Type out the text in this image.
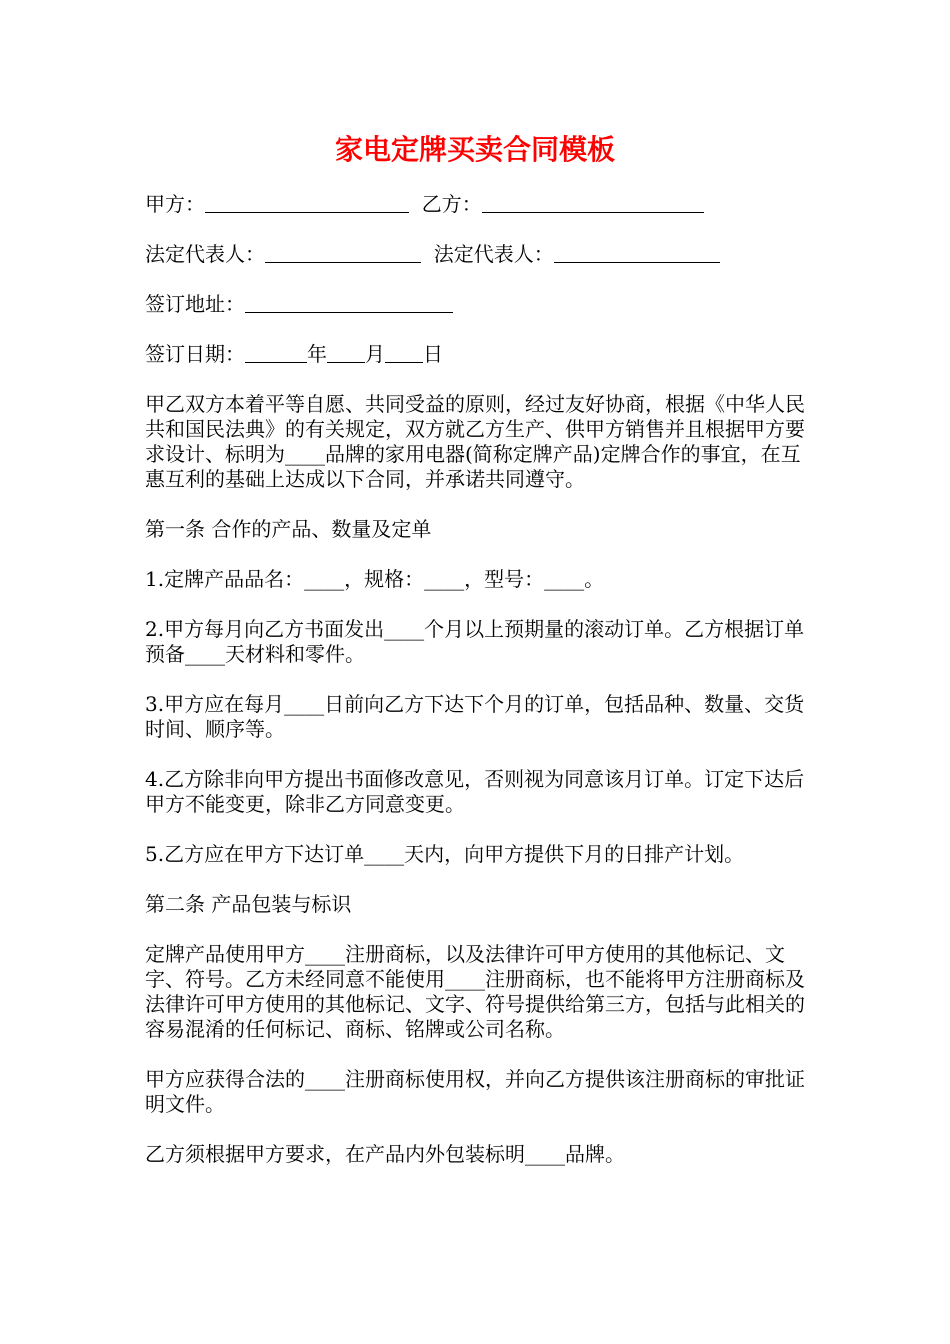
家电定牌买卖合同模板

甲方：	乙方：

法定代表人：	法定代表人：

签订地址：

签订日期：	年 月 日

甲乙双方本着平等自愿、共同受益的原则，经过友好协商，根据《中华人民共和国民法典》的有关规定，双方就乙方生产、供甲方销售并且根据甲方要求设计、标明为____品牌的家用电器(简称定牌产品)定牌合作的事宜，在互惠互利的基础上达成以下合同，并承诺共同遵守。

第一条 合作的产品、数量及定单

1.定牌产品品名：____，规格：____，型号：____。

2.甲方每月向乙方书面发出____个月以上预期量的滚动订单。乙方根据订单预备____天材料和零件。

3.甲方应在每月____日前向乙方下达下个月的订单，包括品种、数量、交货时间、顺序等。

4.乙方除非向甲方提出书面修改意见，否则视为同意该月订单。订定下达后甲方不能变更，除非乙方同意变更。

5.乙方应在甲方下达订单____天内，向甲方提供下月的日排产计划。

第二条 产品包装与标识

定牌产品使用甲方____注册商标，以及法律许可甲方使用的其他标记、文字、符号。乙方未经同意不能使用____注册商标，也不能将甲方注册商标及法律许可甲方使用的其他标记、文字、符号提供给第三方，包括与此相关的容易混淆的任何标记、商标、铭牌或公司名称。

甲方应获得合法的____注册商标使用权，并向乙方提供该注册商标的审批证明文件。

乙方须根据甲方要求，在产品内外包装标明____品牌。
